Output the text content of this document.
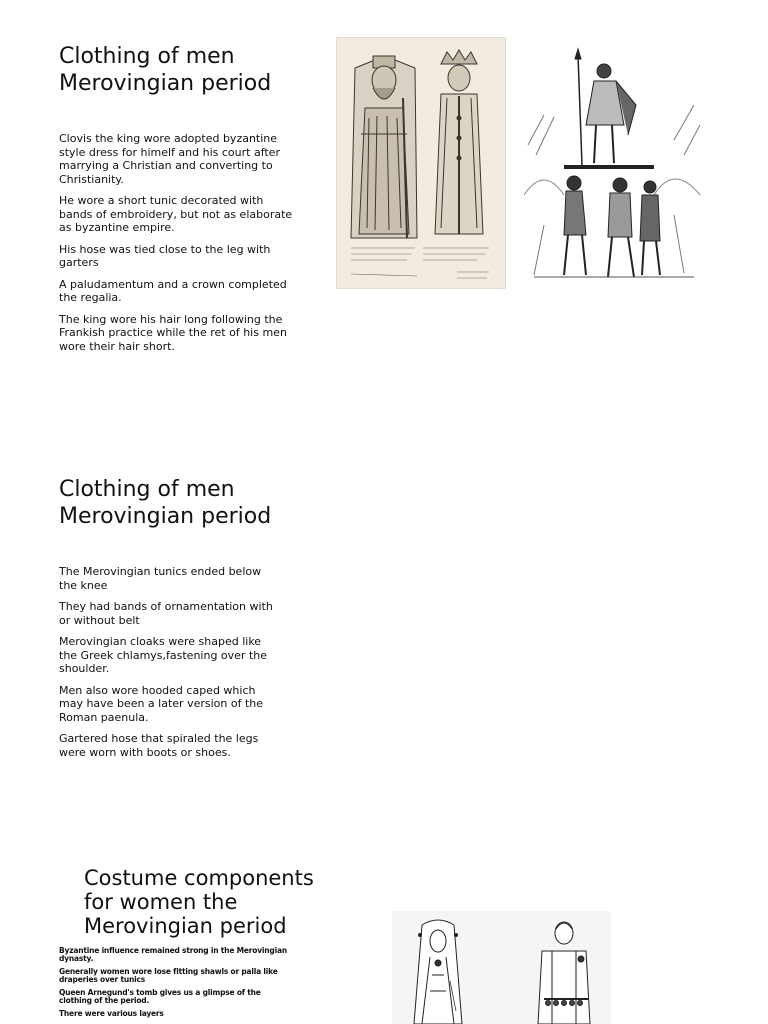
Clothing of men
Merovingian period
Clovis the king wore adopted byzantine style dress for himelf and his court after marrying a Christian and converting to Christianity.
He wore a short tunic decorated with bands of embroidery, but not as elaborate as byzantine empire.
His hose was tied close to the leg with garters
A paludamentum and a crown completed the regalia.
The king wore his hair long following the Frankish practice while the ret of his men wore their hair short.
Clothing of men
Merovingian period
The Merovingian tunics ended below the knee
They had bands of ornamentation with or without belt
Merovingian cloaks were shaped like the Greek chlamys,fastening over the shoulder.
Men also wore hooded caped which may have been a later version of the Roman paenula.
Gartered hose that spiraled the legs were worn with boots or shoes.
Costume components
for women the
Merovingian period
Byzantine influence remained strong in the Merovingian dynasty.
Generally women wore lose fitting shawls or palla like draperies over tunics
Queen Arnegund's tomb gives us a glimpse of the clothing of the period.
There were various layers
